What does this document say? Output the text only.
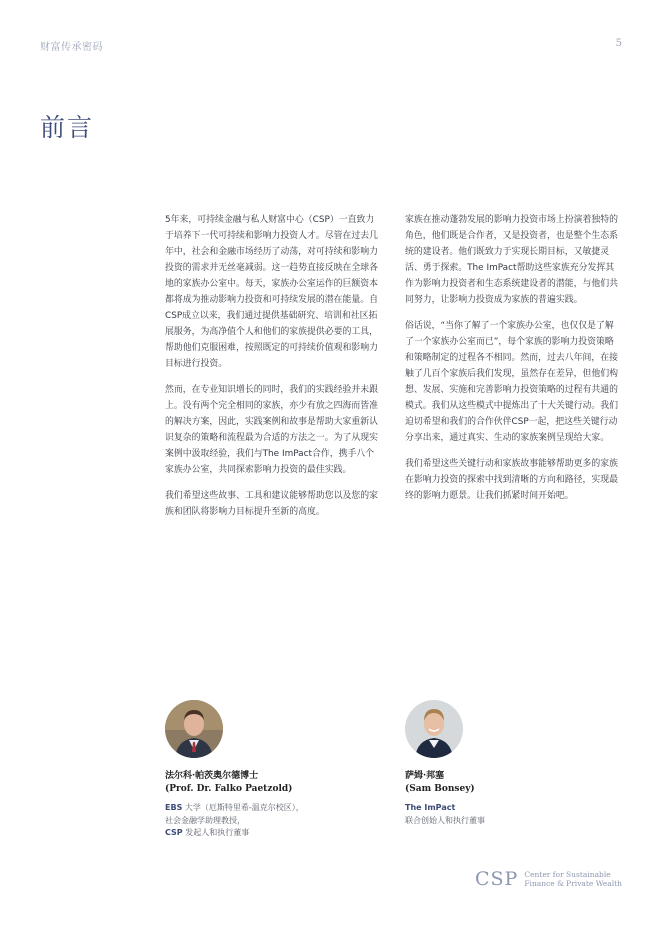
财富传承密码	5
前言

5年来，可持续金融与私人财富中心（CSP）一直致力于培养下一代可持续和影响力投资人才。尽管在过去几年中，社会和金融市场经历了动荡，对可持续和影响力投资的需求并无丝毫减弱。这一趋势直接反映在全球各地的家族办公室中。每天，家族办公室运作的巨额资本都将成为推动影响力投资和可持续发展的潜在能量。自CSP成立以来，我们通过提供基础研究、培训和社区拓展服务，为高净值个人和他们的家族提供必要的工具，帮助他们克服困难，按照既定的可持续价值观和影响力目标进行投资。

然而，在专业知识增长的同时，我们的实践经验并未跟上。没有两个完全相同的家族，亦少有放之四海而皆准的解决方案，因此，实践案例和故事是帮助大家重新认识复杂的策略和流程最为合适的方法之一。为了从现实案例中汲取经验，我们与The ImPact合作，携手八个家族办公室，共同探索影响力投资的最佳实践。

我们希望这些故事、工具和建议能够帮助您以及您的家族和团队将影响力目标提升至新的高度。

家族在推动蓬勃发展的影响力投资市场上扮演着独特的角色，他们既是合作者，又是投资者，也是整个生态系统的建设者。他们既致力于实现长期目标，又敏捷灵活、勇于探索。The ImPact帮助这些家族充分发挥其作为影响力投资者和生态系统建设者的潜能，与他们共同努力，让影响力投资成为家族的普遍实践。

俗话说，“当你了解了一个家族办公室，也仅仅是了解了一个家族办公室而已”，每个家族的影响力投资策略和策略制定的过程各不相同。然而，过去八年间，在接触了几百个家族后我们发现，虽然存在差异，但他们构想、发展、实施和完善影响力投资策略的过程有共通的模式。我们从这些模式中提炼出了十大关键行动。我们迫切希望和我们的合作伙伴CSP一起，把这些关键行动分享出来，通过真实、生动的家族案例呈现给大家。

我们希望这些关键行动和家族故事能够帮助更多的家族在影响力投资的探索中找到清晰的方向和路径，实现最终的影响力愿景。让我们抓紧时间开始吧。

法尔科·帕茨奥尔德博士
(Prof. Dr. Falko Paetzold)
EBS 大学（厄斯特里希-温克尔校区），
社会金融学助理教授，
CSP 发起人和执行董事
萨姆·邦塞
(Sam Bonsey)
The ImPact
联合创始人和执行董事
CSP Center for Sustainable
Finance & Private Wealth
